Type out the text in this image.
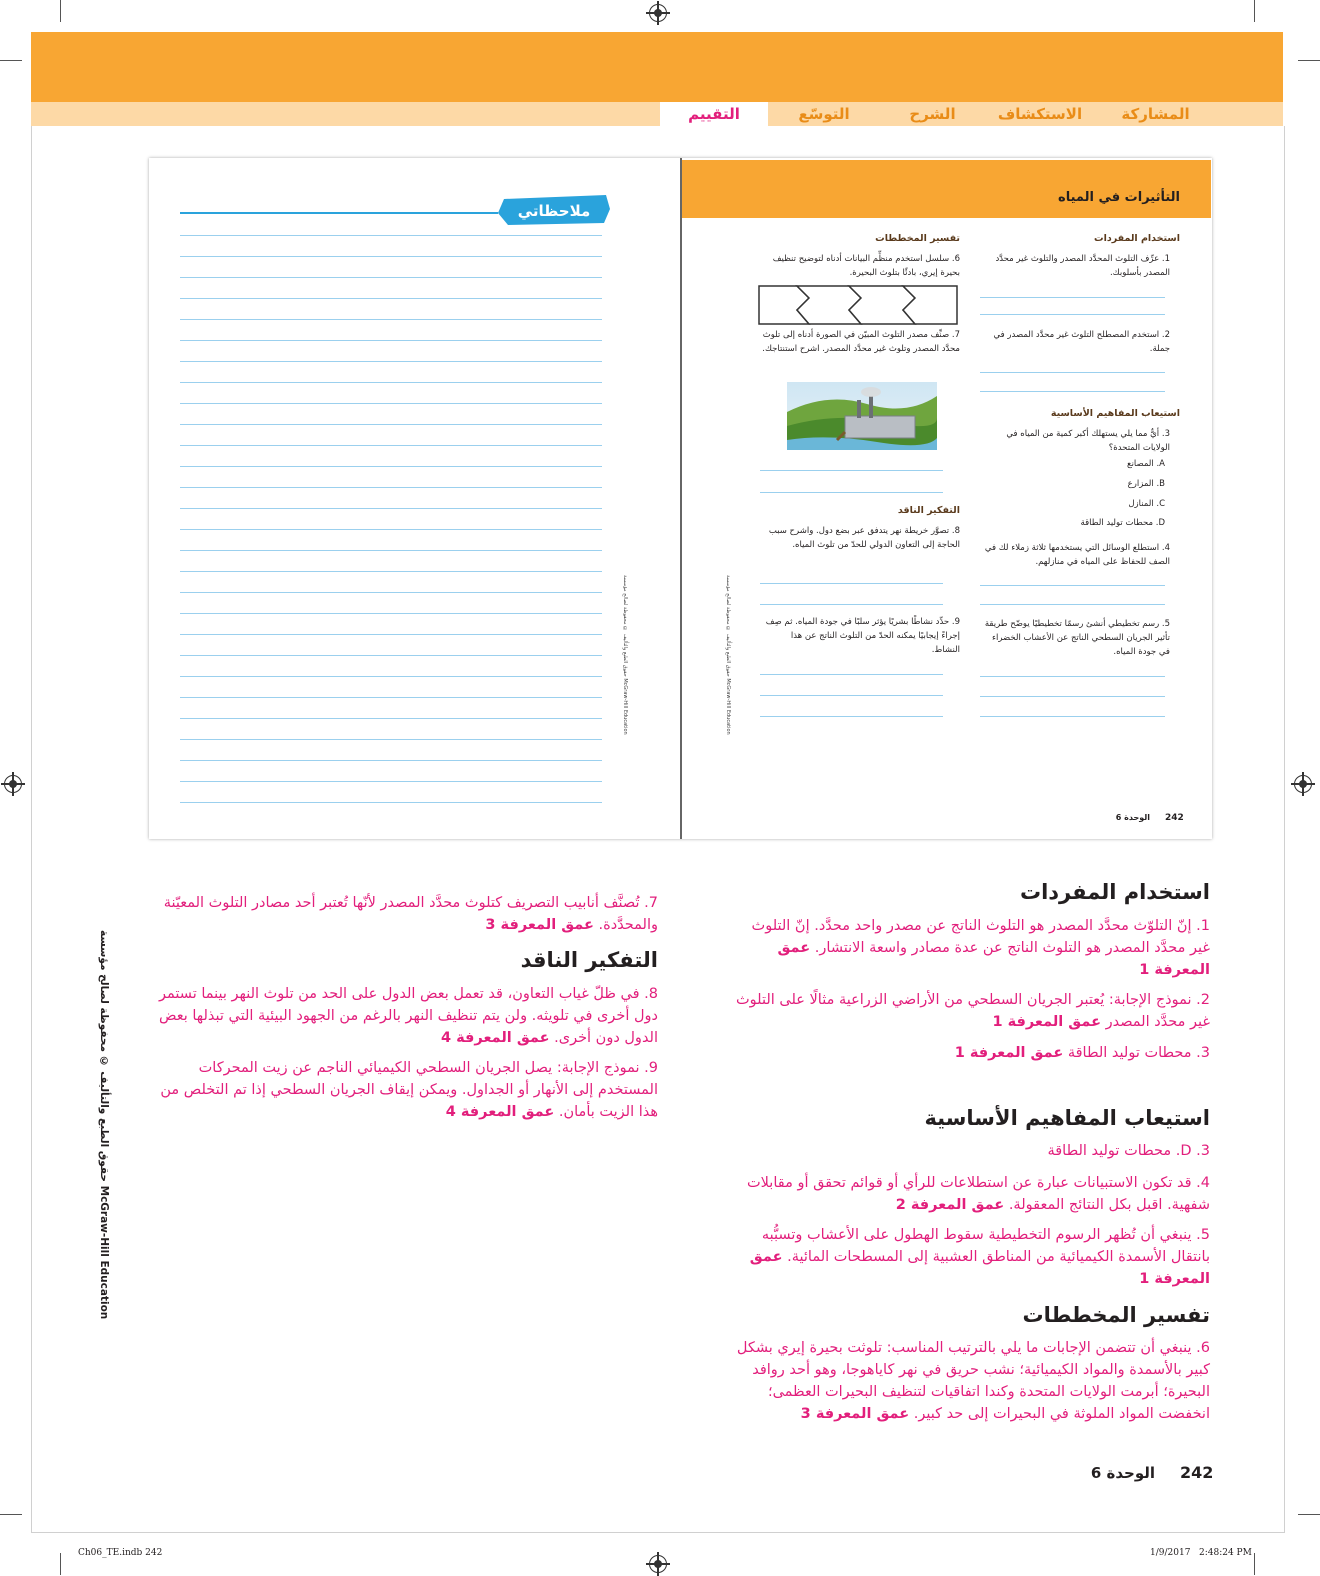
المشاركة
الاستكشاف
الشرح
التوسّع
التقييم
ملاحظاتي
حقوق الطبع والتأليف © محفوظة لصالح مؤسسة McGraw-Hill Education
التأثيرات في المياه
حقوق الطبع والتأليف © محفوظة لصالح مؤسسة McGraw-Hill Education
استخدام المفردات
1. عرِّف التلوث المحدَّد المصدر والتلوث غير محدَّد المصدر بأسلوبك.
2. استخدم المصطلح التلوث غير محدَّد المصدر في جملة.
استيعاب المفاهيم الأساسية
3. أيٌّ مما يلي يستهلك أكبر كمية من المياه في الولايات المتحدة؟
A. المصانع
B. المزارع
C. المنازل
D. محطات توليد الطاقة
4. استطلع الوسائل التي يستخدمها ثلاثة زملاء لك في الصف للحفاظ على المياه في منازلهم.
5. رسم تخطيطي أنشئ رسمًا تخطيطيًا يوضّح طريقة تأثير الجريان السطحي الناتج عن الأعشاب الخضراء في جودة المياه.
تفسير المخططات
6. سلسل استخدم منظِّم البيانات أدناه لتوضيح تنظيف بحيرة إيري، بادئًا بتلوث البحيرة.
7. صنِّف مصدر التلوث المبيّن في الصورة أدناه إلى تلوث محدَّد المصدر وتلوث غير محدَّد المصدر. اشرح استنتاجك.
التفكير الناقد
8. تصوَّر خريطة نهر يتدفق عبر بضع دول. واشرح سبب الحاجة إلى التعاون الدولي للحدّ من تلوث المياه.
9. حدِّد نشاطًا بشريًا يؤثر سلبًا في جودة المياه. ثم صِف إجراءً إيجابيًا يمكنه الحدّ من التلوث الناتج عن هذا النشاط.
242
الوحدة 6
استخدام المفردات
1. إنّ التلوّث محدَّد المصدر هو التلوث الناتج عن مصدر واحد محدَّد. إنّ التلوث غير محدَّد المصدر هو التلوث الناتج عن عدة مصادر واسعة الانتشار. عمق المعرفة 1
2. نموذج الإجابة: يُعتبر الجريان السطحي من الأراضي الزراعية مثالًا على التلوث غير محدَّد المصدر عمق المعرفة 1
3. محطات توليد الطاقة عمق المعرفة 1
استيعاب المفاهيم الأساسية
3. D. محطات توليد الطاقة
4. قد تكون الاستبيانات عبارة عن استطلاعات للرأي أو قوائم تحقق أو مقابلات شفهية. اقبل بكل النتائج المعقولة. عمق المعرفة 2
5. ينبغي أن تُظهر الرسوم التخطيطية سقوط الهطول على الأعشاب وتسبُّبه بانتقال الأسمدة الكيميائية من المناطق العشبية إلى المسطحات المائية. عمق المعرفة 1
تفسير المخططات
6. ينبغي أن تتضمن الإجابات ما يلي بالترتيب المناسب: تلوثت بحيرة إيري بشكل كبير بالأسمدة والمواد الكيميائية؛ نشب حريق في نهر كاياهوجا، وهو أحد روافد البحيرة؛ أبرمت الولايات المتحدة وكندا اتفاقيات لتنظيف البحيرات العظمى؛ انخفضت المواد الملوثة في البحيرات إلى حد كبير. عمق المعرفة 3
7. تُصنَّف أنابيب التصريف كتلوث محدَّد المصدر لأنّها تُعتبر أحد مصادر التلوث المعيّنة والمحدَّدة. عمق المعرفة 3
التفكير الناقد
8. في ظلّ غياب التعاون، قد تعمل بعض الدول على الحد من تلوث النهر بينما تستمر دول أخرى في تلويثه. ولن يتم تنظيف النهر بالرغم من الجهود البيئية التي تبذلها بعض الدول دون أخرى. عمق المعرفة 4
9. نموذج الإجابة: يصل الجريان السطحي الكيميائي الناجم عن زيت المحركات المستخدم إلى الأنهار أو الجداول. ويمكن إيقاف الجريان السطحي إذا تم التخلص من هذا الزيت بأمان. عمق المعرفة 4
حقوق الطبع والتأليف © محفوظة لصالح مؤسسة McGraw-Hill Education
242
الوحدة 6
Ch06_TE.indb 242	1/9/2017   2:48:24 PM
